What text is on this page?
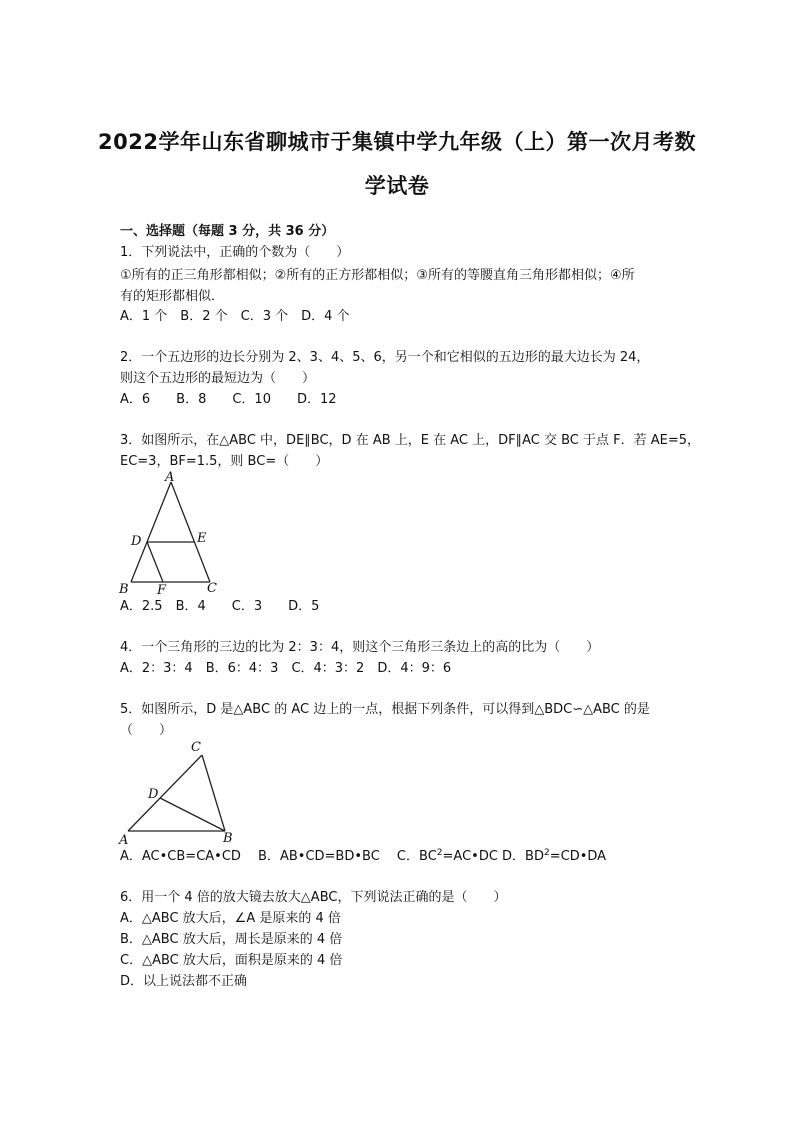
2022学年山东省聊城市于集镇中学九年级（上）第一次月考数
学试卷
一、选择题（每题 3 分，共 36 分）
1．下列说法中，正确的个数为（　　）
①所有的正三角形都相似；②所有的正方形都相似；③所有的等腰直角三角形都相似；④所
有的矩形都相似．
A．1 个　B．2 个　C．3 个　D．4 个
2．一个五边形的边长分别为 2、3、4、5、6，另一个和它相似的五边形的最大边长为 24，
则这个五边形的最短边为（　　）
A．6　　B．8　　C．10　　D．12
3．如图所示，在△ABC 中，DE∥BC，D 在 AB 上，E 在 AC 上，DF∥AC 交 BC 于点 F．若 AE=5，
EC=3，BF=1.5，则 BC=（　　）
A
D	E
B F	C
A．2.5　B．4　　C．3　　D．5
4．一个三角形的三边的比为 2：3：4，则这个三角形三条边上的高的比为（　　）
A．2：3：4　B．6：4：3　C．4：3：2　D．4：9：6
5．如图所示，D 是△ABC 的 AC 边上的一点，根据下列条件，可以得到△BDC∽△ABC 的是
（　　）
C
D
A	B
A．AC•CB=CA•CD　 B．AB•CD=BD•BC　 C．$BC^2=AC•DC$ D．$BD^2=CD•DA$
6．用一个 4 倍的放大镜去放大△ABC，下列说法正确的是（　　）
A．△ABC 放大后，∠A 是原来的 4 倍
B．△ABC 放大后，周长是原来的 4 倍
C．△ABC 放大后，面积是原来的 4 倍
D．以上说法都不正确
